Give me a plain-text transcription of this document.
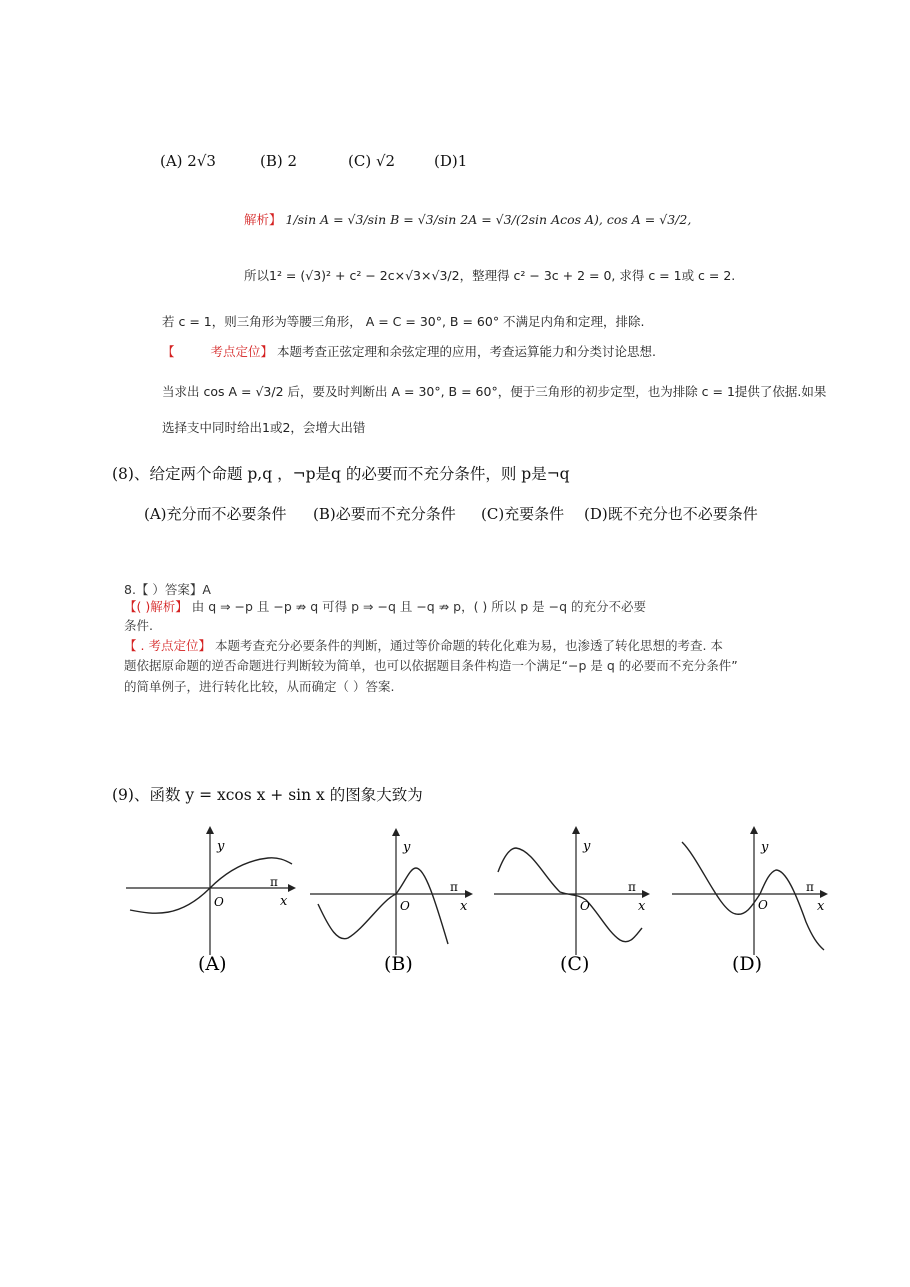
(A) 2√3	(B) 2	(C) √2	(D)1
解析】 1/sin A = √3/sin B = √3/sin 2A = √3/(2sin Acos A), cos A = √3/2,
所以1² = (√3)² + c² − 2c×√3×√3/2，整理得 c² − 3c + 2 = 0, 求得 c = 1或 c = 2.
若 c = 1，则三角形为等腰三角形， A = C = 30°, B = 60° 不满足内角和定理，排除.
【	考点定位】 本题考查正弦定理和余弦定理的应用，考查运算能力和分类讨论思想.
当求出 cos A = √3/2 后，要及时判断出 A = 30°, B = 60°，便于三角形的初步定型，也为排除 c = 1提供了依据.如果
选择支中同时给出1或2，会增大出错
(8)、给定两个命题 p,q ，¬p是q 的必要而不充分条件，则 p是¬q
(A)充分而不必要条件 (B)必要而不充分条件 (C)充要条件 (D)既不充分也不必要条件
8.【 ）答案】A
【( )解析】 由 q ⇒ −p 且 −p ⇏ q 可得 p ⇒ −q 且 −q ⇏ p，( ) 所以 p 是 −q 的充分不必要
条件.
【 . 考点定位】 本题考查充分必要条件的判断，通过等价命题的转化化难为易，也渗透了转化思想的考查. 本
题依据原命题的逆否命题进行判断较为简单，也可以依据题目条件构造一个满足“−p 是 q 的必要而不充分条件”
的简单例子，进行转化比较，从而确定（ ）答案.
(9)、函数 y = xcos x + sin x 的图象大致为
y
x
O
π
(A)
y
x
O
π
(B)
y
x
O
π
(C)
y
x
O
π
(D)
